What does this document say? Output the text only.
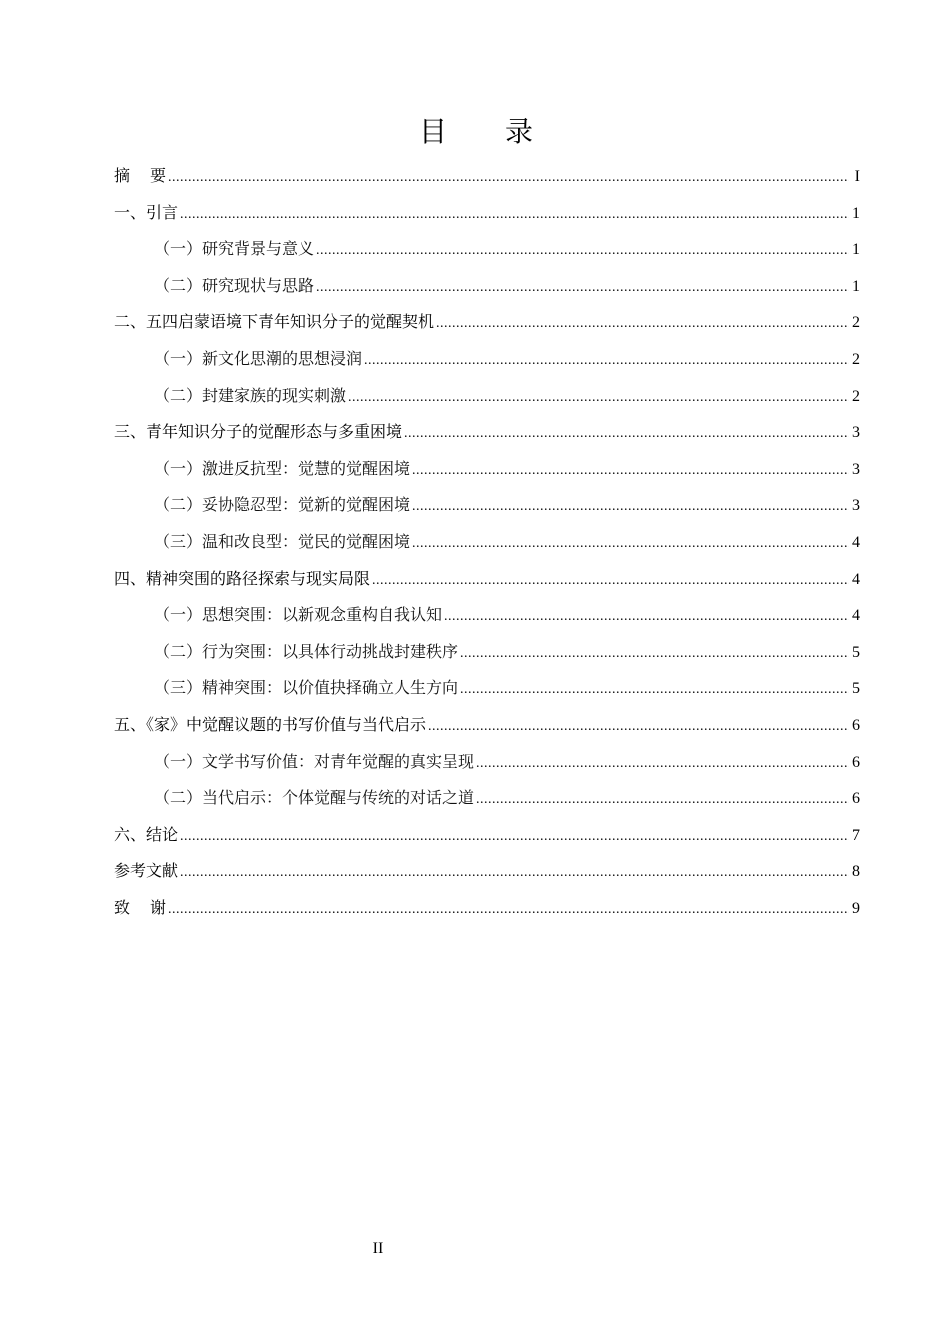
目录
摘要 .....	I
一、引言 .....	1
（一）研究背景与意义 .....	1
（二）研究现状与思路 .....	1
二、五四启蒙语境下青年知识分子的觉醒契机 .....	2
（一）新文化思潮的思想浸润 .....	2
（二）封建家族的现实刺激 .....	2
三、青年知识分子的觉醒形态与多重困境 .....	3
（一）激进反抗型：觉慧的觉醒困境 .....	3
（二）妥协隐忍型：觉新的觉醒困境 .....	3
（三）温和改良型：觉民的觉醒困境 .....	4
四、精神突围的路径探索与现实局限 .....	4
（一）思想突围：以新观念重构自我认知 .....	4
（二）行为突围：以具体行动挑战封建秩序 .....	5
（三）精神突围：以价值抉择确立人生方向 .....	5
五、《家》中觉醒议题的书写价值与当代启示 .....	6
（一）文学书写价值：对青年觉醒的真实呈现 .....	6
（二）当代启示：个体觉醒与传统的对话之道 .....	6
六、结论 .....	7
参考文献 .....	8
致谢 .....	9
II
